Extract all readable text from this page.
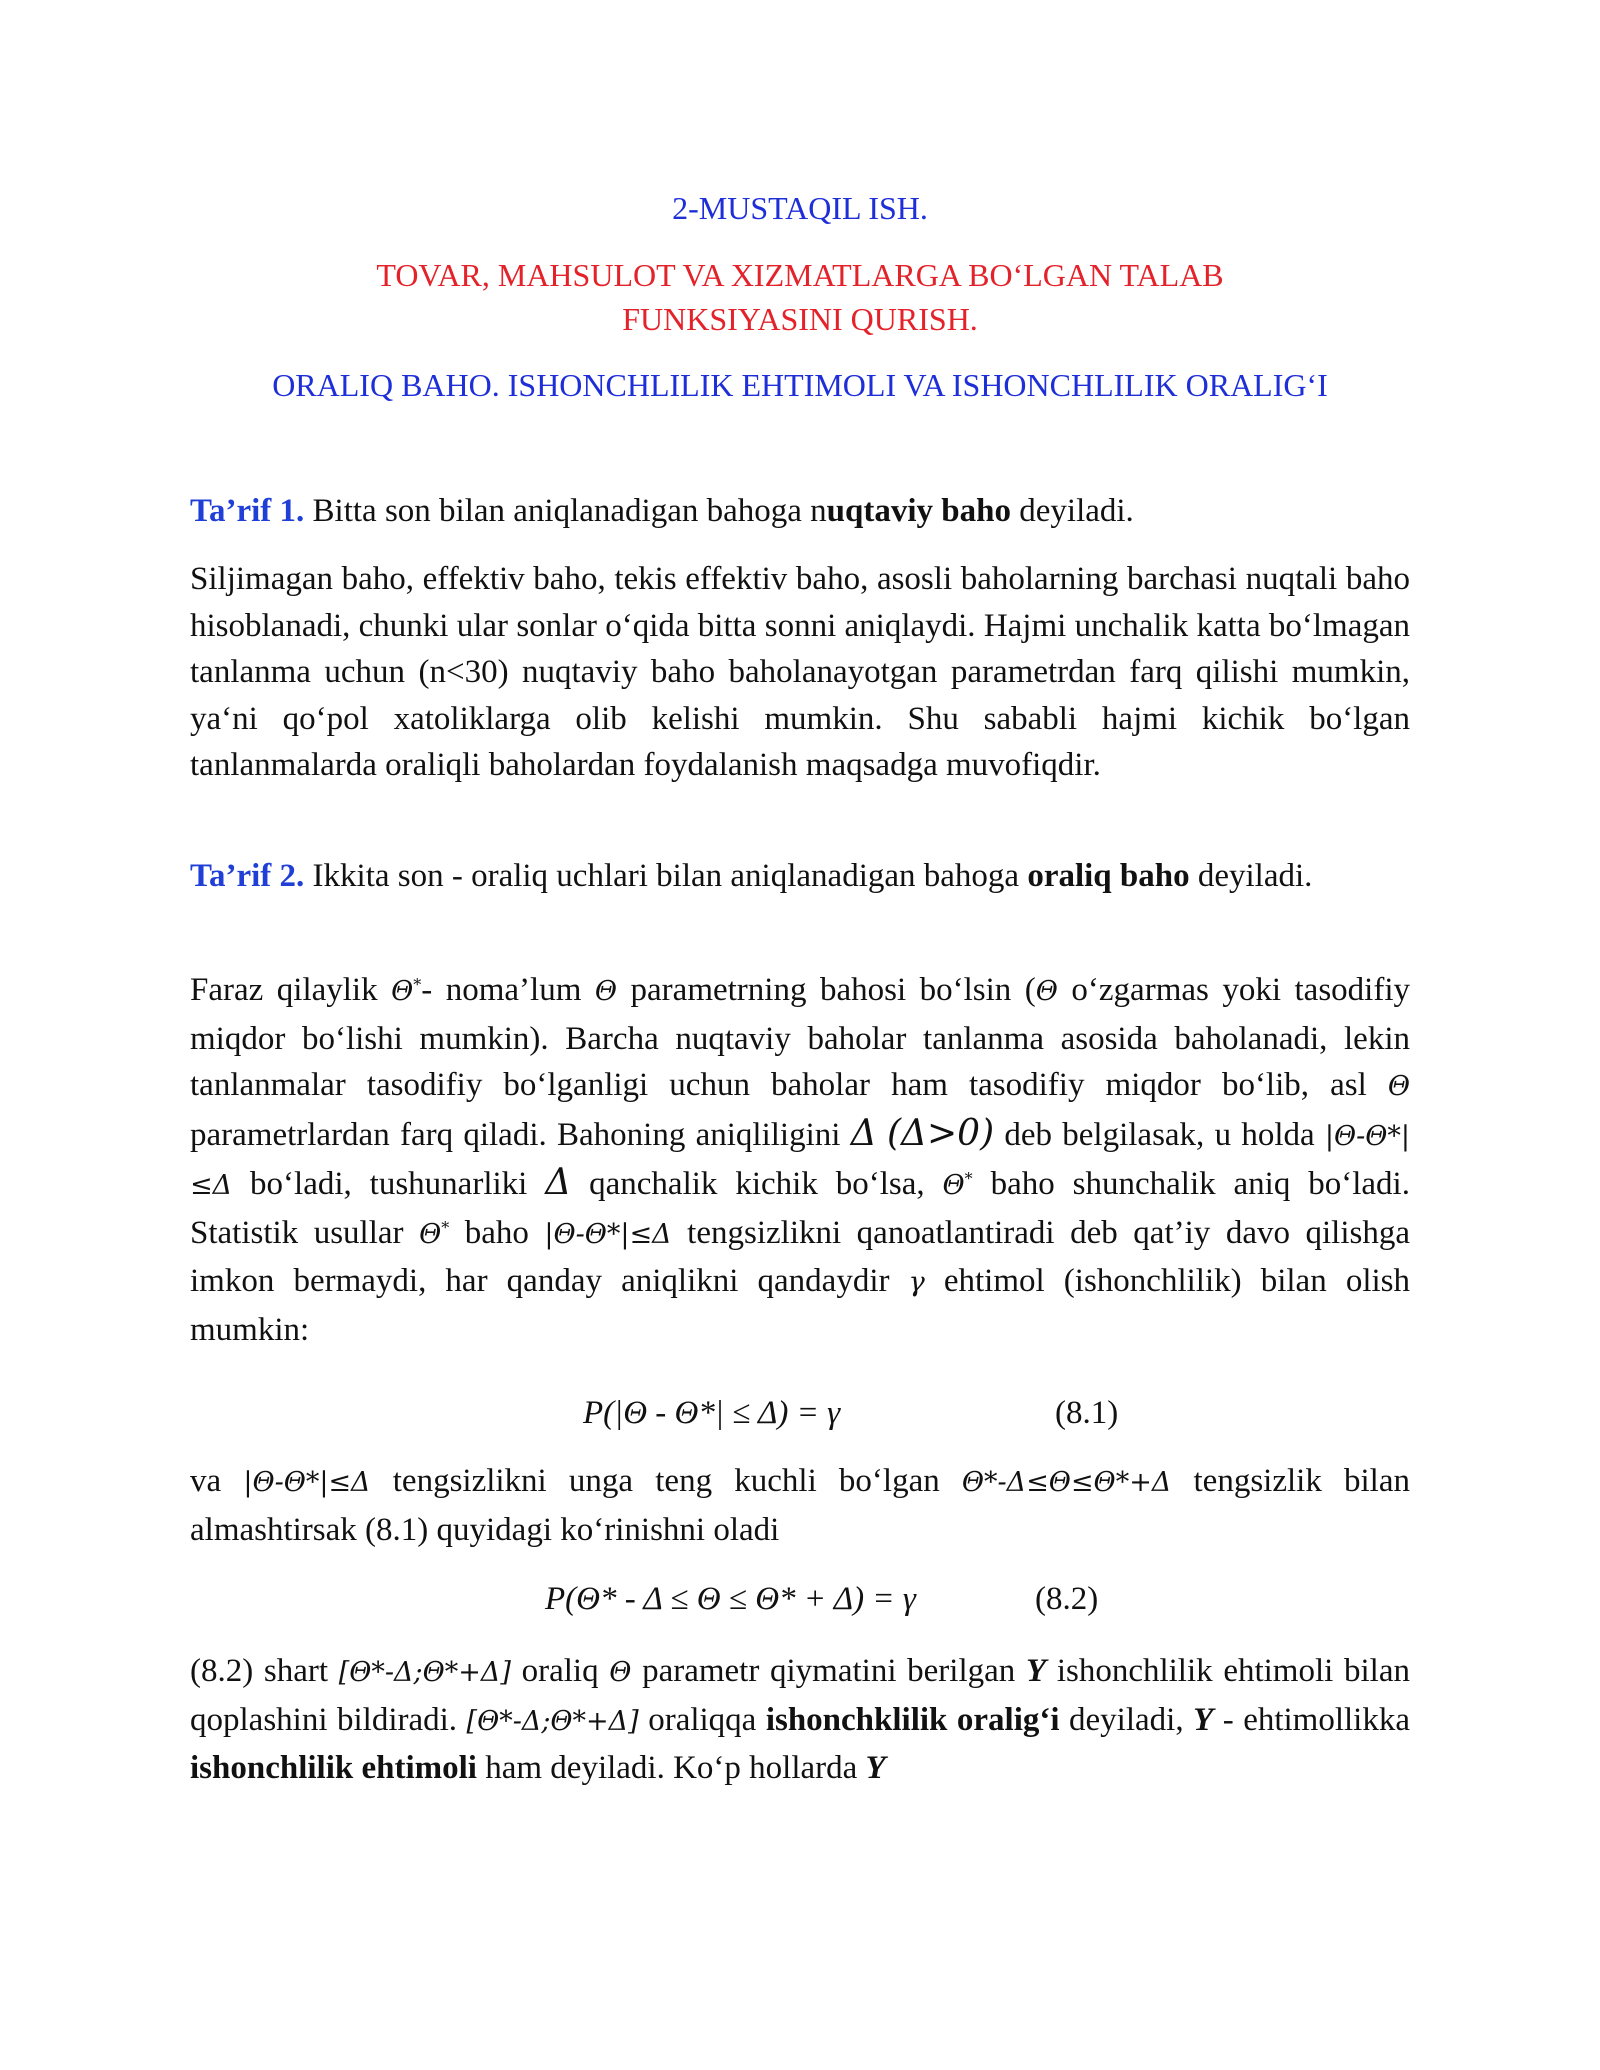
2-MUSTAQIL ISH.

TOVAR, MAHSULOT VA XIZMATLARGA BO‘LGAN TALAB

FUNKSIYASINI QURISH.

ORALIQ BAHO. ISHONCHLILIK EHTIMOLI VA ISHONCHLILIK ORALIG‘I

Ta’rif 1. Bitta son bilan aniqlanadigan bahoga nuqtaviy baho deyiladi.

Siljimagan baho, effektiv baho, tekis effektiv baho, asosli baholarning barchasi nuqtali baho hisoblanadi, chunki ular sonlar o‘qida bitta sonni aniqlaydi. Hajmi unchalik katta bo‘lmagan tanlanma uchun (n<30) nuqtaviy baho baholanayotgan parametrdan farq qilishi mumkin, ya‘ni qo‘pol xatoliklarga olib kelishi mumkin. Shu sababli hajmi kichik bo‘lgan tanlanmalarda oraliqli baholardan foydalanish maqsadga muvofiqdir.

Ta’rif 2. Ikkita son - oraliq uchlari bilan aniqlanadigan bahoga oraliq baho deyiladi.

Faraz qilaylik Θ*- noma’lum Θ parametrning bahosi bo‘lsin (Θ o‘zgarmas yoki tasodifiy miqdor bo‘lishi mumkin). Barcha nuqtaviy baholar tanlanma asosida baholanadi, lekin tanlanmalar tasodifiy bo‘lganligi uchun baholar ham tasodifiy miqdor bo‘lib, asl Θ parametrlardan farq qiladi. Bahoning aniqliligini Δ (Δ>0) deb belgilasak, u holda |Θ-Θ*|≤Δ bo‘ladi, tushunarliki Δ qanchalik kichik bo‘lsa, Θ* baho shunchalik aniq bo‘ladi. Statistik usullar Θ* baho |Θ-Θ*|≤Δ tengsizlikni qanoatlantiradi deb qat’iy davo qilishga imkon bermaydi, har qanday aniqlikni qandaydir γ ehtimol (ishonchlilik) bilan olish mumkin:

P(|Θ - Θ*| ≤ Δ) = γ	(8.1)

va |Θ-Θ*|≤Δ tengsizlikni unga teng kuchli bo‘lgan Θ*-Δ≤Θ≤Θ*+Δ tengsizlik bilan almashtirsak (8.1) quyidagi ko‘rinishni oladi

P(Θ* - Δ ≤ Θ ≤ Θ* + Δ) = γ	(8.2)

(8.2) shart [Θ*-Δ;Θ*+Δ] oraliq Θ parametr qiymatini berilgan Y ishonchlilik ehtimoli bilan qoplashini bildiradi. [Θ*-Δ;Θ*+Δ] oraliqqa ishonchklilik oralig‘i deyiladi, Y - ehtimollikka ishonchlilik ehtimoli ham deyiladi. Ko‘p hollarda Y
